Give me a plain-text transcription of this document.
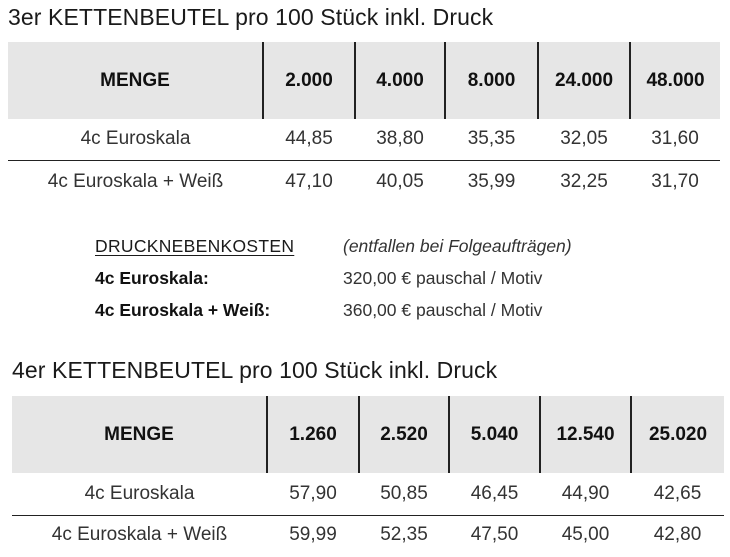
3er KETTENBEUTEL pro 100 Stück inkl. Druck
MENGE	2.000	4.000	8.000	24.000	48.000
4c Euroskala	44,85	38,80	35,35	32,05	31,60
4c Euroskala + Weiß	47,10	40,05	35,99	32,25	31,70
DRUCKNEBENKOSTEN	(entfallen bei Folgeaufträgen)
4c Euroskala:	320,00 € pauschal / Motiv
4c Euroskala + Weiß:	360,00 € pauschal / Motiv
4er KETTENBEUTEL pro 100 Stück inkl. Druck
MENGE	1.260	2.520	5.040	12.540	25.020
4c Euroskala	57,90	50,85	46,45	44,90	42,65
4c Euroskala + Weiß	59,99	52,35	47,50	45,00	42,80
